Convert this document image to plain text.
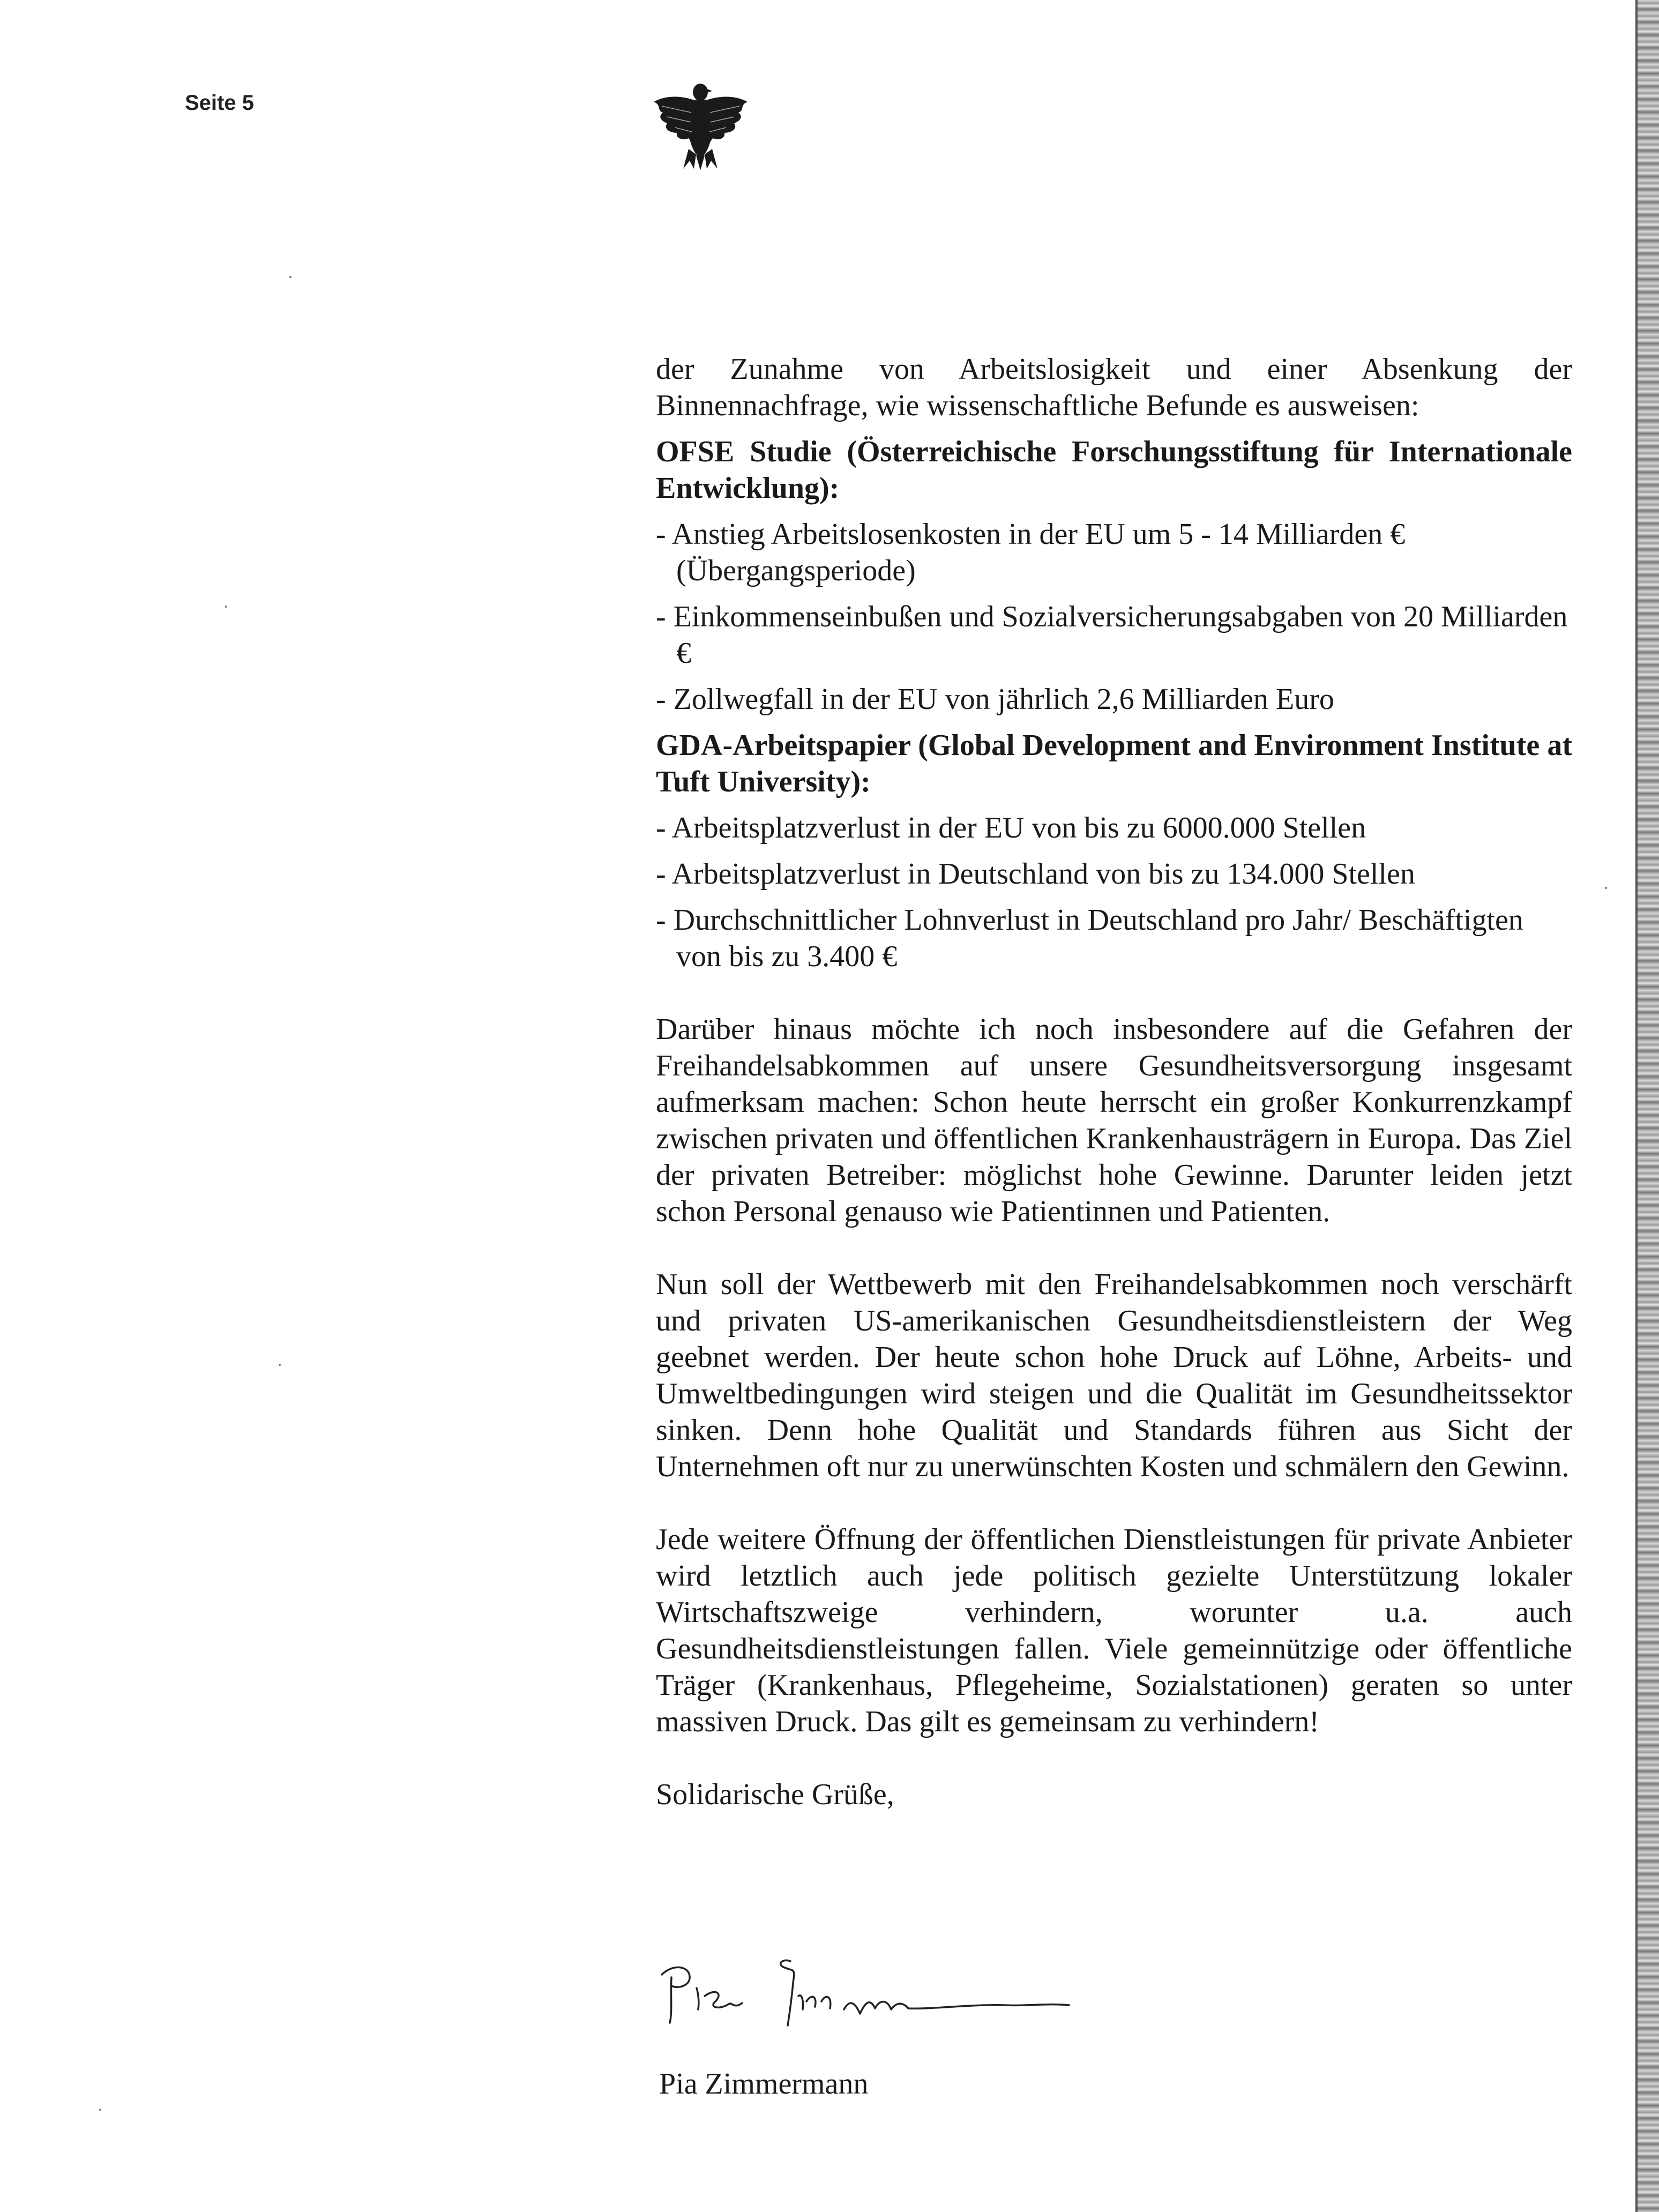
Seite 5

der Zunahme von Arbeitslosigkeit und einer Absenkung der Binnennachfrage, wie wissenschaftliche Befunde es ausweisen:

OFSE Studie (Österreichische Forschungsstiftung für Internationale Entwicklung):

- Anstieg Arbeitslosenkosten in der EU um 5 - 14 Milliarden € (Übergangsperiode)

- Einkommenseinbußen und Sozialversicherungsabgaben von 20 Milliarden €

- Zollwegfall in der EU von jährlich 2,6 Milliarden Euro

GDA-Arbeitspapier (Global Development and Environment Institute at Tuft University):

- Arbeitsplatzverlust in der EU von bis zu 6000.000 Stellen

- Arbeitsplatzverlust in Deutschland von bis zu 134.000 Stellen

- Durchschnittlicher Lohnverlust in Deutschland pro Jahr/ Beschäftigten von bis zu 3.400 €

Darüber hinaus möchte ich noch insbesondere auf die Gefahren der Freihandelsabkommen auf unsere Gesundheitsversorgung insgesamt aufmerksam machen: Schon heute herrscht ein großer Konkurrenzkampf zwischen privaten und öffentlichen Krankenhausträgern in Europa. Das Ziel der privaten Betreiber: möglichst hohe Gewinne. Darunter leiden jetzt schon Personal genauso wie Patientinnen und Patienten.

Nun soll der Wettbewerb mit den Freihandelsabkommen noch verschärft und privaten US-amerikanischen Gesundheitsdienstleistern der Weg geebnet werden. Der heute schon hohe Druck auf Löhne, Arbeits- und Umweltbedingungen wird steigen und die Qualität im Gesundheitssektor sinken. Denn hohe Qualität und Standards führen aus Sicht der Unternehmen oft nur zu unerwünschten Kosten und schmälern den Gewinn.

Jede weitere Öffnung der öffentlichen Dienstleistungen für private Anbieter wird letztlich auch jede politisch gezielte Unterstützung lokaler Wirtschaftszweige verhindern, worunter u.a. auch Gesundheitsdienstleistungen fallen. Viele gemeinnützige oder öffentliche Träger (Krankenhaus, Pflegeheime, Sozialstationen) geraten so unter massiven Druck. Das gilt es gemeinsam zu verhindern!

Solidarische Grüße,

Pia Zimmermann
